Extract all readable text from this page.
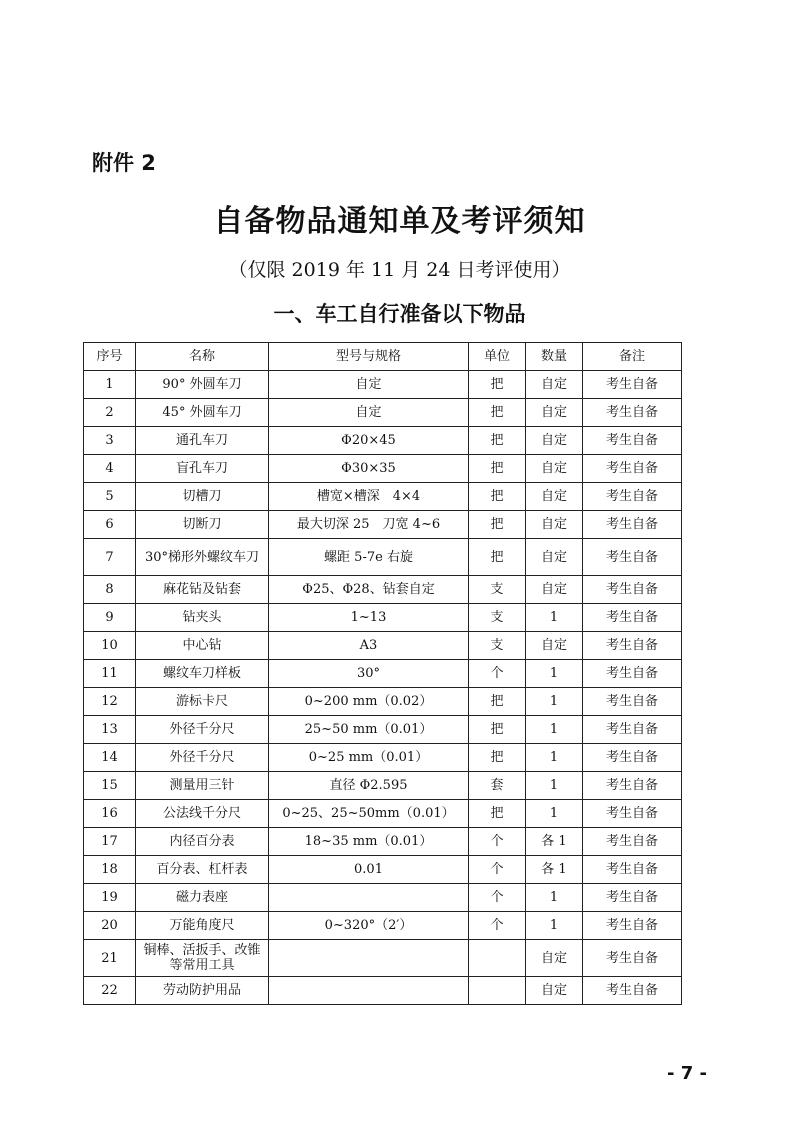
附件 2
自备物品通知单及考评须知
（仅限 2019 年 11 月 24 日考评使用）
一、车工自行准备以下物品
序号	名称	型号与规格	单位	数量	备注
1	90° 外圆车刀	自定	把	自定	考生自备
2	45° 外圆车刀	自定	把	自定	考生自备
3	通孔车刀	Φ20×45	把	自定	考生自备
4	盲孔车刀	Φ30×35	把	自定	考生自备
5	切槽刀	槽宽×槽深　4×4	把	自定	考生自备
6	切断刀	最大切深 25　刀宽 4~6	把	自定	考生自备
7	30°梯形外螺纹车刀	螺距 5-7e 右旋	把	自定	考生自备
8	麻花钻及钻套	Φ25、Φ28、钻套自定	支	自定	考生自备
9	钻夹头	1~13	支	1	考生自备
10	中心钻	A3	支	自定	考生自备
11	螺纹车刀样板	30°	个	1	考生自备
12	游标卡尺	0~200 mm（0.02）	把	1	考生自备
13	外径千分尺	25~50 mm（0.01）	把	1	考生自备
14	外径千分尺	0~25 mm（0.01）	把	1	考生自备
15	测量用三针	直径 Φ2.595	套	1	考生自备
16	公法线千分尺	0~25、25~50mm（0.01）	把	1	考生自备
17	内径百分表	18~35 mm（0.01）	个	各 1	考生自备
18	百分表、杠杆表	0.01	个	各 1	考生自备
19	磁力表座		个	1	考生自备
20	万能角度尺	0~320°（2′）	个	1	考生自备
21	铜棒、活扳手、改锥等常用工具			自定	考生自备
22	劳动防护用品			自定	考生自备
- 7 -
